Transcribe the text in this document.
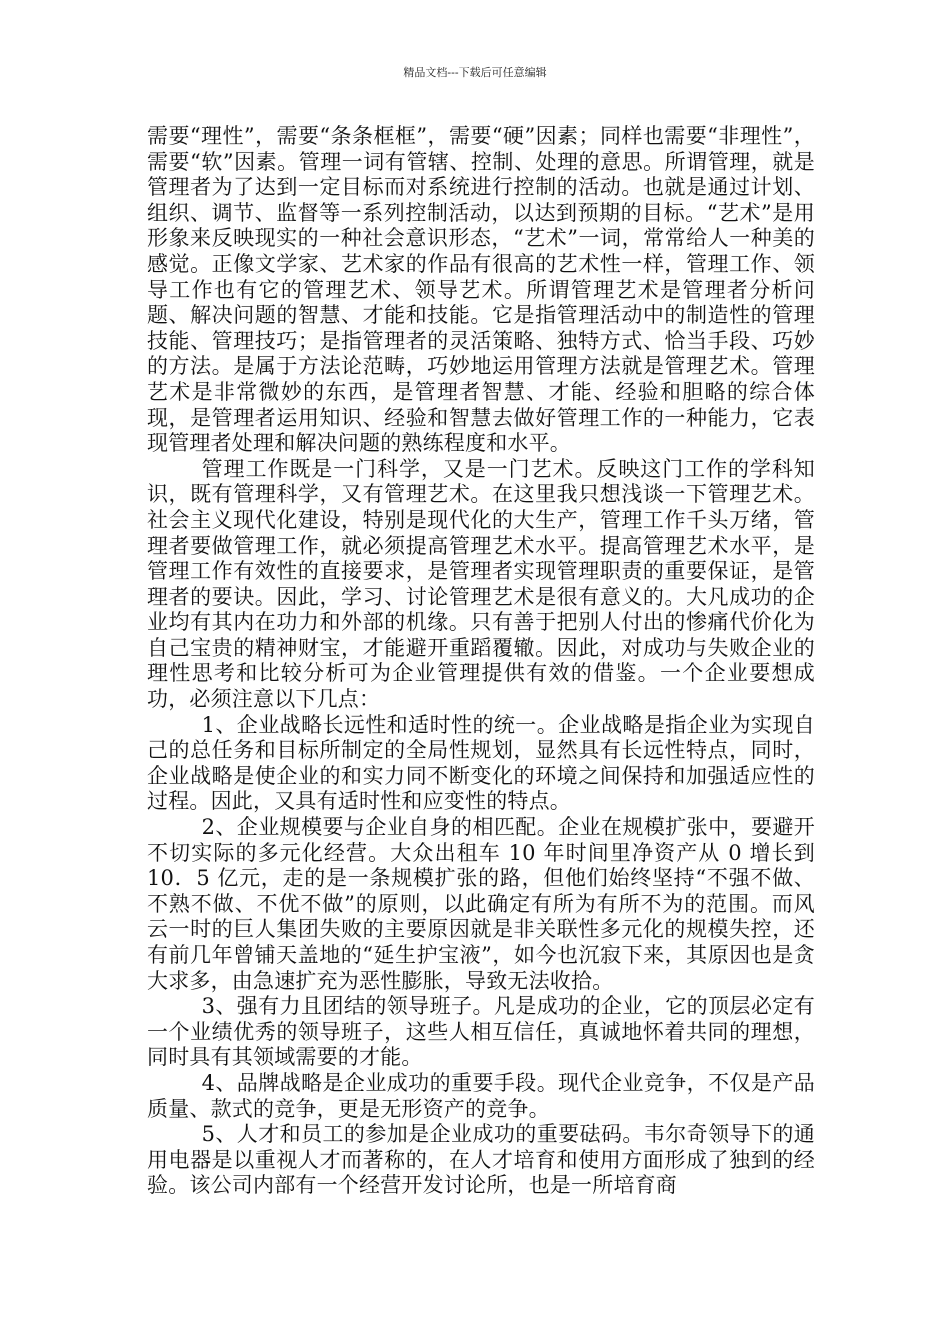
精品文档---下载后可任意编辑

需要“理性”，需要“条条框框”，需要“硬”因素；同样也需要“非理性”，需要“软”因素。管理一词有管辖、控制、处理的意思。所谓管理，就是管理者为了达到一定目标而对系统进行控制的活动。也就是通过计划、组织、调节、监督等一系列控制活动，以达到预期的目标。“艺术”是用形象来反映现实的一种社会意识形态，“艺术”一词，常常给人一种美的感觉。正像文学家、艺术家的作品有很高的艺术性一样，管理工作、领导工作也有它的管理艺术、领导艺术。所谓管理艺术是管理者分析问题、解决问题的智慧、才能和技能。它是指管理活动中的制造性的管理技能、管理技巧；是指管理者的灵活策略、独特方式、恰当手段、巧妙的方法。是属于方法论范畴，巧妙地运用管理方法就是管理艺术。管理艺术是非常微妙的东西，是管理者智慧、才能、经验和胆略的综合体现，是管理者运用知识、经验和智慧去做好管理工作的一种能力，它表现管理者处理和解决问题的熟练程度和水平。

管理工作既是一门科学，又是一门艺术。反映这门工作的学科知识，既有管理科学，又有管理艺术。在这里我只想浅谈一下管理艺术。社会主义现代化建设，特别是现代化的大生产，管理工作千头万绪，管理者要做管理工作，就必须提高管理艺术水平。提高管理艺术水平，是管理工作有效性的直接要求，是管理者实现管理职责的重要保证，是管理者的要诀。因此，学习、讨论管理艺术是很有意义的。大凡成功的企业均有其内在功力和外部的机缘。只有善于把别人付出的惨痛代价化为自己宝贵的精神财宝，才能避开重蹈覆辙。因此，对成功与失败企业的理性思考和比较分析可为企业管理提供有效的借鉴。一个企业要想成功，必须注意以下几点：

1、企业战略长远性和适时性的统一。企业战略是指企业为实现自己的总任务和目标所制定的全局性规划，显然具有长远性特点，同时，企业战略是使企业的和实力同不断变化的环境之间保持和加强适应性的过程。因此，又具有适时性和应变性的特点。

2、企业规模要与企业自身的相匹配。企业在规模扩张中，要避开不切实际的多元化经营。大众出租车 10 年时间里净资产从 0 增长到 10．5 亿元，走的是一条规模扩张的路，但他们始终坚持“不强不做、不熟不做、不优不做”的原则，以此确定有所为有所不为的范围。而风云一时的巨人集团失败的主要原因就是非关联性多元化的规模失控，还有前几年曾铺天盖地的“延生护宝液”，如今也沉寂下来，其原因也是贪大求多，由急速扩充为恶性膨胀，导致无法收拾。

3、强有力且团结的领导班子。凡是成功的企业，它的顶层必定有一个业绩优秀的领导班子，这些人相互信任，真诚地怀着共同的理想，同时具有其领域需要的才能。

4、品牌战略是企业成功的重要手段。现代企业竞争，不仅是产品质量、款式的竞争，更是无形资产的竞争。

5、人才和员工的参加是企业成功的重要砝码。韦尔奇领导下的通用电器是以重视人才而著称的，在人才培育和使用方面形成了独到的经验。该公司内部有一个经营开发讨论所，也是一所培育商
